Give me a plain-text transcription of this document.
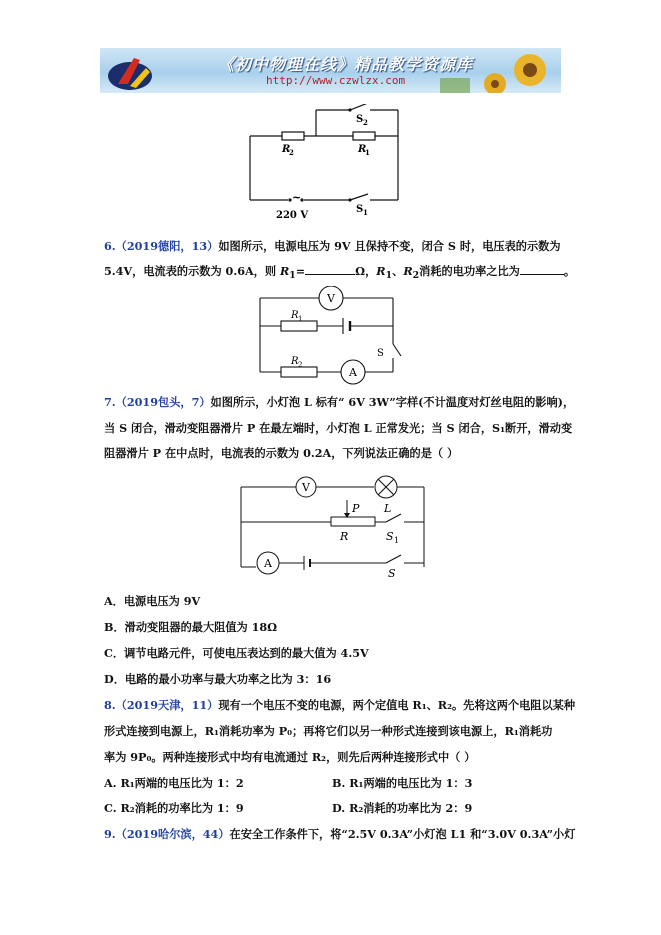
《初中物理在线》精品教学资源库
http://www.czwlzx.com
R
2	R
1
S 2
S 1
~
220 V
6.（2019德阳，13）如图所示，电源电压为 9V 且保持不变，闭合 S 时，电压表的示数为
5.4V，电流表的示数为 0.6A，则 $R_1=$	Ω，$R_1$、$R_2$消耗的电功率之比为	。
V
A
R 1
R 2
S
7.（2019包头，7）如图所示，小灯泡 L 标有“ 6V 3W”字样(不计温度对灯丝电阻的影响)，
当 S 闭合，滑动变阻器滑片 P 在最左端时，小灯泡 L 正常发光；当 S 闭合，S₁断开，滑动变
阻器滑片 P 在中点时，电流表的示数为 0.2A，下列说法正确的是（ ）
V
A
P L
R	S 1
S
A．电源电压为 9V
B．滑动变阻器的最大阻值为 18Ω
C．调节电路元件，可使电压表达到的最大值为 4.5V
D．电路的最小功率与最大功率之比为 3：16
8.（2019天津，11）现有一个电压不变的电源，两个定值电 R₁、R₂。先将这两个电阻以某种
形式连接到电源上，R₁消耗功率为 P₀；再将它们以另一种形式连接到该电源上，R₁消耗功
率为 9P₀。两种连接形式中均有电流通过 R₂，则先后两种连接形式中（ ）
A. R₁两端的电压比为 1：2	B. R₁两端的电压比为 1：3
C. R₂消耗的功率比为 1：9	D. R₂消耗的功率比为 2：9
9.（2019哈尔滨，44）在安全工作条件下，将“2.5V 0.3A”小灯泡 L1 和“3.0V 0.3A”小灯
